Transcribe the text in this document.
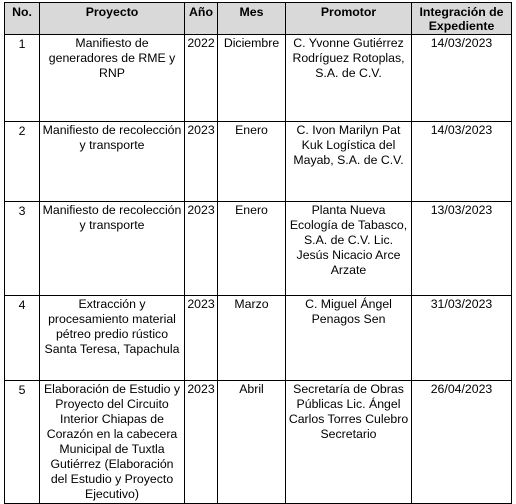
No.	Proyecto	Año	Mes	Promotor	Integración de Expediente
1	Manifiesto de generadores de RME y RNP	2022	Diciembre	C. Yvonne Gutiérrez Rodríguez Rotoplas, S.A. de C.V.	14/03/2023
2	Manifiesto de recolección y transporte	2023	Enero	C. Ivon Marilyn Pat Kuk Logística del Mayab, S.A. de C.V.	14/03/2023
3	Manifiesto de recolección y transporte	2023	Enero	Planta Nueva Ecología de Tabasco, S.A. de C.V. Lic. Jesús Nicacio Arce Arzate	13/03/2023
4	Extracción y procesamiento material pétreo predio rústico Santa Teresa, Tapachula	2023	Marzo	C. Miguel Ángel Penagos Sen	31/03/2023
5	Elaboración de Estudio y Proyecto del Circuito Interior Chiapas de Corazón en la cabecera Municipal de Tuxtla Gutiérrez (Elaboración del Estudio y Proyecto Ejecutivo)	2023	Abril	Secretaría de Obras Públicas Lic. Ángel Carlos Torres Culebro Secretario	26/04/2023
